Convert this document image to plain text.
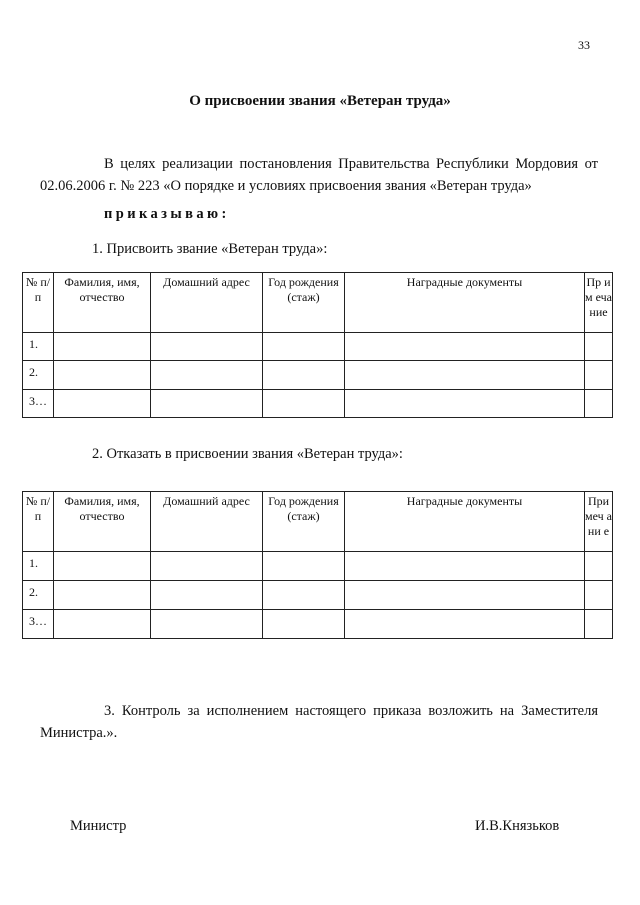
33
О присвоении звания «Ветеран труда»
В целях реализации постановления Правительства Республики Мордовия от 02.06.2006 г. № 223 «О порядке и условиях присвоения звания «Ветеран труда»
приказываю:
1. Присвоить звание «Ветеран труда»:
№ п/п	Фамилия, имя, отчество	Домашний адрес	Год рождения (стаж)	Наградные документы	Пр им еча ние
1.					
2.					
3…					
2. Отказать в присвоении звания «Ветеран труда»:
№ п/п	Фамилия, имя, отчество	Домашний адрес	Год рождения (стаж)	Наградные документы	При меч ани е
1.					
2.					
3…					
3. Контроль за исполнением настоящего приказа возложить на Заместителя Министра.».
Министр	И.В.Князьков
